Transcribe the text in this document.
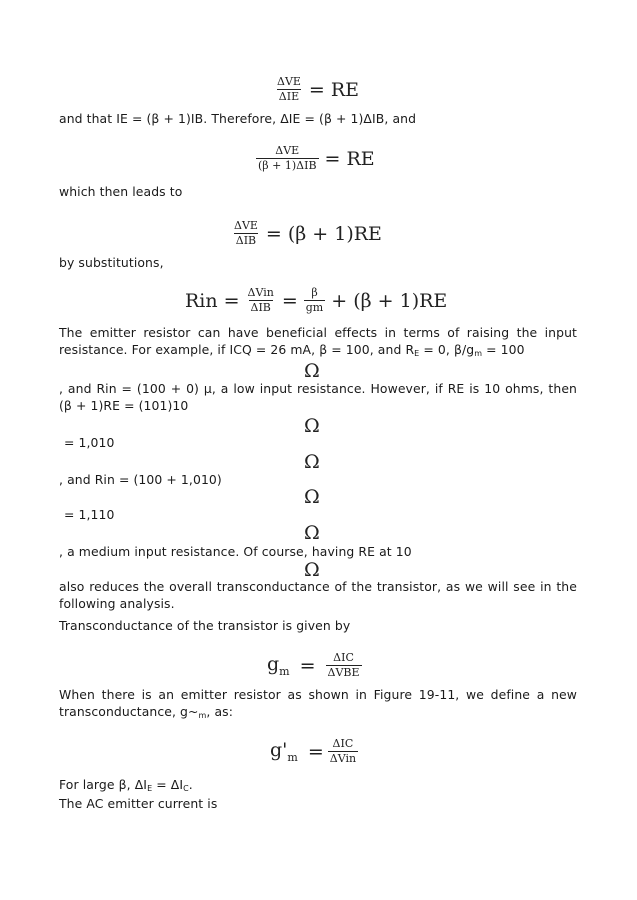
$\frac{\text{ΔVE}}{\text{ΔIE}}$ = RE
and that IE = (β + 1)IB. Therefore, ΔIE = (β + 1)ΔIB, and
$\frac{\text{ΔVE}}{\text{(β + 1)ΔIB}}$ = RE
which then leads to
$\frac{\text{ΔVE}}{\text{ΔIB}} = (\beta + 1)RE$
by substitutions,
Rin = $\frac{\text{ΔVin}}{\text{ΔIB}} = \frac{\beta}{gm} + (\beta + 1)RE$
The emitter resistor can have beneficial effects in terms of raising the input resistance. For example, if ICQ = 26 mA, β = 100, and $R_E = 0$, $\beta/g_m = 100$
Ω
, and Rin = (100 + 0) μ, a low input resistance. However, if RE is 10 ohms, then (β + 1)RE = (101)10
Ω
= 1,010
Ω
, and Rin = (100 + 1,010)
Ω
= 1,110
Ω
, a medium input resistance. Of course, having RE at 10
Ω
also reduces the overall transconductance of the transistor, as we will see in the following analysis.
Transconductance of the transistor is given by
$g_m = \frac{\text{ΔIC}}{\text{ΔVBE}}$
When there is an emitter resistor as shown in Figure 19-11, we define a new transconductance, $g\sim_m$, as:
$g'_m = \frac{\text{ΔIC}}{\text{ΔVin}}$
For large β, $\Delta I_E = \Delta I_C$.
The AC emitter current is
